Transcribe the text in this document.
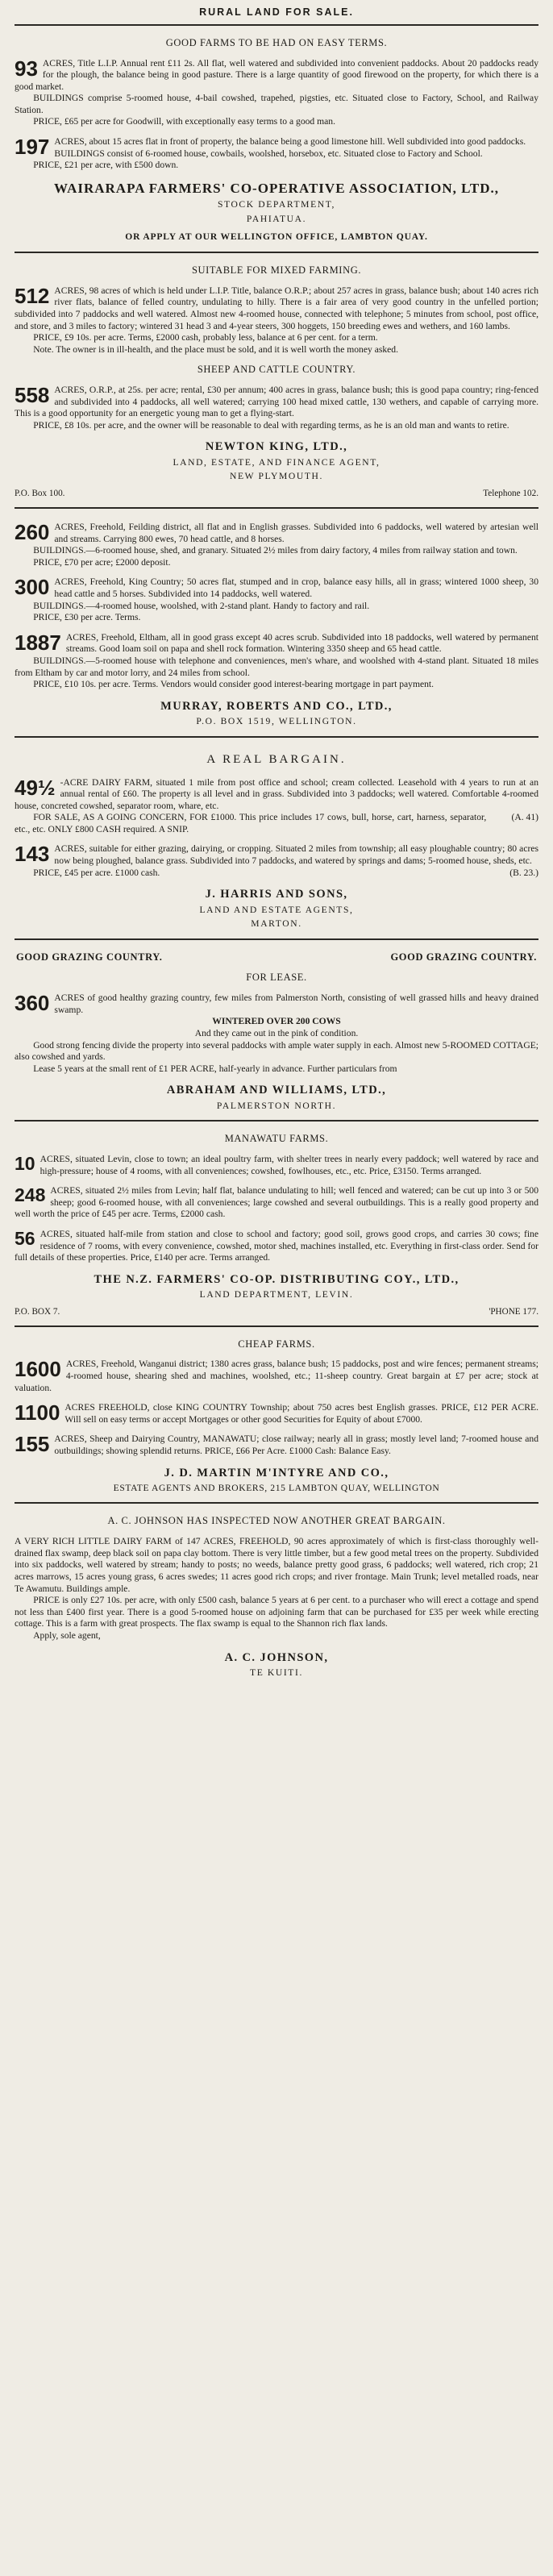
RURAL LAND FOR SALE.
GOOD FARMS TO BE HAD ON EASY TERMS.
93 ACRES, Title L.I.P. Annual rent £11 2s. All flat, well watered and subdivided into convenient paddocks. About 20 paddocks ready for the plough, the balance being in good pasture. There is a large quantity of good firewood on the property, for which there is a good market.

BUILDINGS comprise 5-roomed house, 4-bail cowshed, trapehed, pigsties, etc. Situated close to Factory, School, and Railway Station.

PRICE, £65 per acre for Goodwill, with exceptionally easy terms to a good man.

197 ACRES, about 15 acres flat in front of property, the balance being a good limestone hill. Well subdivided into good paddocks.

BUILDINGS consist of 6-roomed house, cowbails, woolshed, horsebox, etc. Situated close to Factory and School.

PRICE, £21 per acre, with £500 down.

WAIRARAPA FARMERS' CO-OPERATIVE ASSOCIATION, LTD.,
STOCK DEPARTMENT,
PAHIATUA.
OR APPLY AT OUR WELLINGTON OFFICE, LAMBTON QUAY.
SUITABLE FOR MIXED FARMING.
512 ACRES, 98 acres of which is held under L.I.P. Title, balance O.R.P.; about 257 acres in grass, balance bush; about 140 acres rich river flats, balance of felled country, undulating to hilly. There is a fair area of very good country in the unfelled portion; subdivided into 7 paddocks and well watered. Almost new 4-roomed house, connected with telephone; 5 minutes from school, post office, and store, and 3 miles to factory; wintered 31 head 3 and 4-year steers, 300 hoggets, 150 breeding ewes and wethers, and 160 lambs.

PRICE, £9 10s. per acre. Terms, £2000 cash, probably less, balance at 6 per cent. for a term.

Note. The owner is in ill-health, and the place must be sold, and it is well worth the money asked.

SHEEP AND CATTLE COUNTRY.
558 ACRES, O.R.P., at 25s. per acre; rental, £30 per annum; 400 acres in grass, balance bush; this is good papa country; ring-fenced and subdivided into 4 paddocks, all well watered; carrying 100 head mixed cattle, 130 wethers, and capable of carrying more. This is a good opportunity for an energetic young man to get a flying-start.

PRICE, £8 10s. per acre, and the owner will be reasonable to deal with regarding terms, as he is an old man and wants to retire.

NEWTON KING, LTD.,
LAND, ESTATE, AND FINANCE AGENT,
NEW PLYMOUTH.
P.O. Box 100.	Telephone 102.
260 ACRES, Freehold, Feilding district, all flat and in English grasses. Subdivided into 6 paddocks, well watered by artesian well and streams. Carrying 800 ewes, 70 head cattle, and 8 horses.

BUILDINGS.—6-roomed house, shed, and granary. Situated 2½ miles from dairy factory, 4 miles from railway station and town.

PRICE, £70 per acre; £2000 deposit.

300 ACRES, Freehold, King Country; 50 acres flat, stumped and in crop, balance easy hills, all in grass; wintered 1000 sheep, 30 head cattle and 5 horses. Subdivided into 14 paddocks, well watered.

BUILDINGS.—4-roomed house, woolshed, with 2-stand plant. Handy to factory and rail.

PRICE, £30 per acre. Terms.

1887 ACRES, Freehold, Eltham, all in good grass except 40 acres scrub. Subdivided into 18 paddocks, well watered by permanent streams. Good loam soil on papa and shell rock formation. Wintering 3350 sheep and 65 head cattle.

BUILDINGS.—5-roomed house with telephone and conveniences, men's whare, and woolshed with 4-stand plant. Situated 18 miles from Eltham by car and motor lorry, and 24 miles from school.

PRICE, £10 10s. per acre. Terms. Vendors would consider good interest-bearing mortgage in part payment.

MURRAY, ROBERTS AND CO., LTD.,
P.O. BOX 1519, WELLINGTON.
A REAL BARGAIN.
49½ -ACRE DAIRY FARM, situated 1 mile from post office and school; cream collected. Leasehold with 4 years to run at an annual rental of £60. The property is all level and in grass. Subdivided into 3 paddocks; well watered. Comfortable 4-roomed house, concreted cowshed, separator room, whare, etc.

(A. 41)
FOR SALE, AS A GOING CONCERN, FOR £1000. This price includes 17 cows, bull, horse, cart, harness, separator, etc., etc. ONLY £800 CASH required. A SNIP.

143 ACRES, suitable for either grazing, dairying, or cropping. Situated 2 miles from township; all easy ploughable country; 80 acres now being ploughed, balance grass. Subdivided into 7 paddocks, and watered by springs and dams; 5-roomed house, sheds, etc.

(B. 23.)
PRICE, £45 per acre. £1000 cash.

J. HARRIS AND SONS,
LAND AND ESTATE AGENTS,
MARTON.
GOOD GRAZING COUNTRY.	GOOD GRAZING COUNTRY.
FOR LEASE.
360 ACRES of good healthy grazing country, few miles from Palmerston North, consisting of well grassed hills and heavy drained swamp.

WINTERED OVER 200 COWS

And they came out in the pink of condition.

Good strong fencing divide the property into several paddocks with ample water supply in each. Almost new 5-ROOMED COTTAGE; also cowshed and yards.

Lease 5 years at the small rent of £1 PER ACRE, half-yearly in advance. Further particulars from

ABRAHAM AND WILLIAMS, LTD.,
PALMERSTON NORTH.
MANAWATU FARMS.
10 ACRES, situated Levin, close to town; an ideal poultry farm, with shelter trees in nearly every paddock; well watered by race and high-pressure; house of 4 rooms, with all conveniences; cowshed, fowlhouses, etc., etc. Price, £3150. Terms arranged.

248 ACRES, situated 2½ miles from Levin; half flat, balance undulating to hill; well fenced and watered; can be cut up into 3 or 500 sheep; good 6-roomed house, with all conveniences; large cowshed and several outbuildings. This is a really good property and well worth the price of £45 per acre. Terms, £2000 cash.

56 ACRES, situated half-mile from station and close to school and factory; good soil, grows good crops, and carries 30 cows; fine residence of 7 rooms, with every convenience, cowshed, motor shed, machines installed, etc. Everything in first-class order. Send for full details of these properties. Price, £140 per acre. Terms arranged.

THE N.Z. FARMERS' CO-OP. DISTRIBUTING COY., LTD.,
LAND DEPARTMENT, LEVIN.
P.O. BOX 7.	'PHONE 177.
CHEAP FARMS.
1600 ACRES, Freehold, Wanganui district; 1380 acres grass, balance bush; 15 paddocks, post and wire fences; permanent streams; 4-roomed house, shearing shed and machines, woolshed, etc.; 11-sheep country. Great bargain at £7 per acre; stock at valuation.

1100 ACRES FREEHOLD, close KING COUNTRY Township; about 750 acres best English grasses. PRICE, £12 PER ACRE. Will sell on easy terms or accept Mortgages or other good Securities for Equity of about £7000.

155 ACRES, Sheep and Dairying Country, MANAWATU; close railway; nearly all in grass; mostly level land; 7-roomed house and outbuildings; showing splendid returns. PRICE, £66 Per Acre. £1000 Cash: Balance Easy.

J. D. MARTIN M'INTYRE AND CO.,
ESTATE AGENTS AND BROKERS, 215 LAMBTON QUAY, WELLINGTON
A. C. JOHNSON HAS INSPECTED NOW ANOTHER GREAT BARGAIN.

A VERY RICH LITTLE DAIRY FARM of 147 ACRES, FREEHOLD, 90 acres approximately of which is first-class thoroughly well-drained flax swamp, deep black soil on papa clay bottom. There is very little timber, but a few good metal trees on the property. Subdivided into six paddocks, well watered by stream; handy to posts; no weeds, balance pretty good grass, 6 paddocks; well watered, rich crop; 21 acres marrows, 15 acres young grass, 6 acres swedes; 11 acres good rich crops; and river frontage. Main Trunk; level metalled roads, near Te Awamutu. Buildings ample.

PRICE is only £27 10s. per acre, with only £500 cash, balance 5 years at 6 per cent. to a purchaser who will erect a cottage and spend not less than £400 first year. There is a good 5-roomed house on adjoining farm that can be purchased for £35 per week while erecting cottage. This is a farm with great prospects. The flax swamp is equal to the Shannon rich flax lands.

Apply, sole agent,

A. C. JOHNSON,
TE KUITI.
